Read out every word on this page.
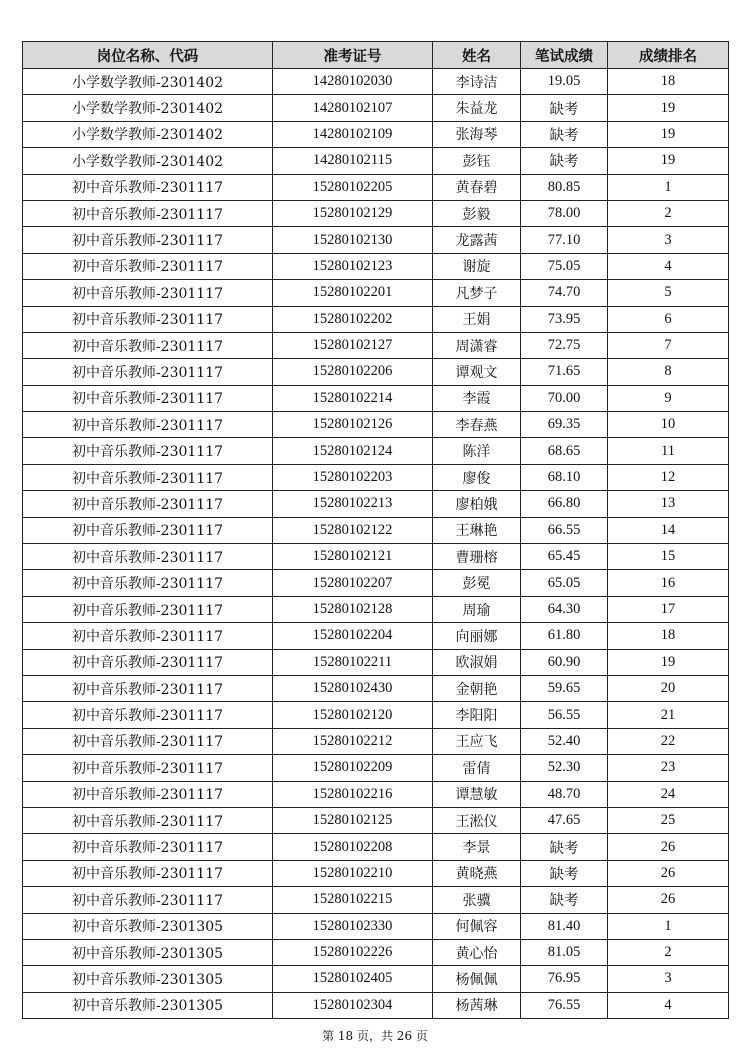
岗位名称、代码	准考证号	姓名	笔试成绩	成绩排名
小学数学教师-2301402	14280102030	李诗洁	19.05	18
小学数学教师-2301402	14280102107	朱益龙	缺考	19
小学数学教师-2301402	14280102109	张海琴	缺考	19
小学数学教师-2301402	14280102115	彭钰	缺考	19
初中音乐教师-2301117	15280102205	黄春碧	80.85	1
初中音乐教师-2301117	15280102129	彭毅	78.00	2
初中音乐教师-2301117	15280102130	龙露茜	77.10	3
初中音乐教师-2301117	15280102123	谢旋	75.05	4
初中音乐教师-2301117	15280102201	凡梦子	74.70	5
初中音乐教师-2301117	15280102202	王娟	73.95	6
初中音乐教师-2301117	15280102127	周潇睿	72.75	7
初中音乐教师-2301117	15280102206	谭观文	71.65	8
初中音乐教师-2301117	15280102214	李霞	70.00	9
初中音乐教师-2301117	15280102126	李春燕	69.35	10
初中音乐教师-2301117	15280102124	陈洋	68.65	11
初中音乐教师-2301117	15280102203	廖俊	68.10	12
初中音乐教师-2301117	15280102213	廖柏娥	66.80	13
初中音乐教师-2301117	15280102122	王琳艳	66.55	14
初中音乐教师-2301117	15280102121	曹珊榕	65.45	15
初中音乐教师-2301117	15280102207	彭冕	65.05	16
初中音乐教师-2301117	15280102128	周瑜	64.30	17
初中音乐教师-2301117	15280102204	向丽娜	61.80	18
初中音乐教师-2301117	15280102211	欧淑娟	60.90	19
初中音乐教师-2301117	15280102430	金朝艳	59.65	20
初中音乐教师-2301117	15280102120	李阳阳	56.55	21
初中音乐教师-2301117	15280102212	王应飞	52.40	22
初中音乐教师-2301117	15280102209	雷倩	52.30	23
初中音乐教师-2301117	15280102216	谭慧敏	48.70	24
初中音乐教师-2301117	15280102125	王淞仪	47.65	25
初中音乐教师-2301117	15280102208	李景	缺考	26
初中音乐教师-2301117	15280102210	黄晓燕	缺考	26
初中音乐教师-2301117	15280102215	张骥	缺考	26
初中音乐教师-2301305	15280102330	何佩容	81.40	1
初中音乐教师-2301305	15280102226	黄心怡	81.05	2
初中音乐教师-2301305	15280102405	杨佩佩	76.95	3
初中音乐教师-2301305	15280102304	杨茜琳	76.55	4
第 18 页，共 26 页
